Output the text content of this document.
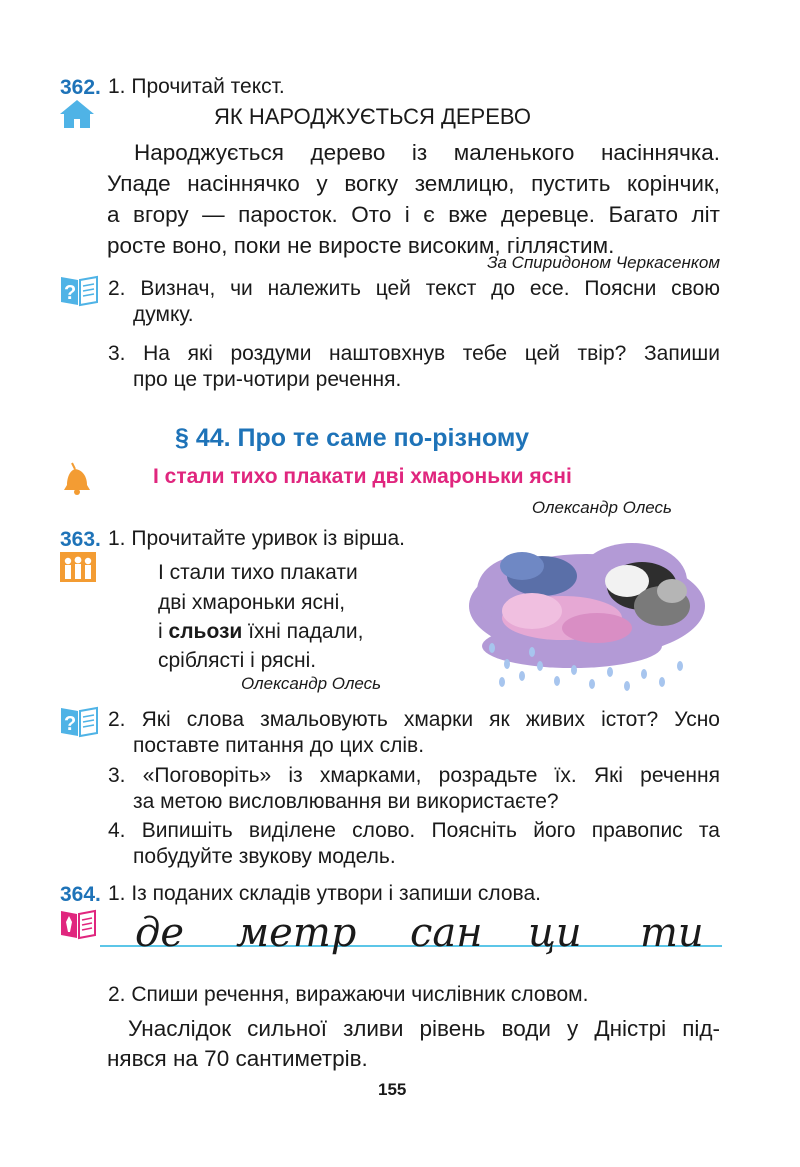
362. 1. Прочитай текст.
ЯК НАРОДЖУЄТЬСЯ ДЕРЕВО
Народжується дерево із маленького насіннячка.
Упаде насіннячко у вогку землицю, пустить корінчик,
а вгору — паросток. Ото і є вже деревце. Багато літ
росте воно, поки не виросте високим, гіллястим.
За Спиридоном Черкасенком
? 2. Визнач, чи належить цей текст до есе. Поясни свою
думку.
3. На які роздуми наштовхнув тебе цей твір? Запиши
про це три-чотири речення.
§ 44. Про те саме по-різному
І стали тихо плакати дві хмароньки ясні
Олександр Олесь
363. 1. Прочитайте уривок із вірша.
І стали тихо плакати
дві хмароньки ясні,
і сльози їхні падали,
сріблясті і рясні.
Олександр Олесь
? 2. Які слова змальовують хмарки як живих істот? Усно
поставте питання до цих слів.
3. «Поговоріть» із хмарками, розрадьте їх. Які речення
за метою висловлювання ви використаєте?
4. Випишіть виділене слово. Поясніть його правопис та
побудуйте звукову модель.
364. 1. Із поданих складів утвори і запиши слова.
де метр сан ци ти
2. Спиши речення, виражаючи числівник словом.
Унаслідок сильної зливи рівень води у Дністрі під-
нявся на 70 сантиметрів.
155
